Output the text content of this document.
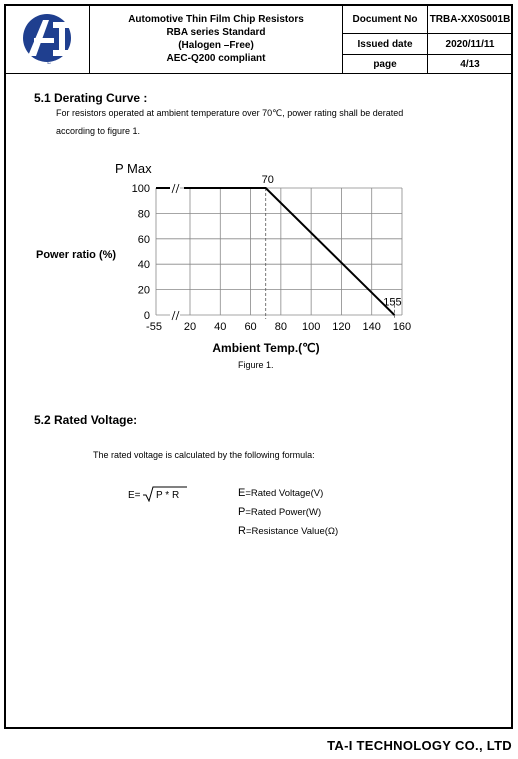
TA-I	Automotive Thin Film Chip Resistors
RBA series Standard
(Halogen –Free)
AEC-Q200 compliant	Document No	TRBA-XX0S001B
		Issued date	2020/11/11
		page	4/13
5.1 Derating Curve :
For resistors operated at ambient temperature over 70℃, power rating shall be derated
according to figure 1.
0
20
40
60
80
100
-55 20 40 60 80 100 120 140 160
70
155
P Max
Power ratio (%)
Ambient Temp.(℃)
Figure 1.
5.2 Rated Voltage:
The rated voltage is calculated by the following formula:
E= P * R	E=Rated Voltage(V)
P=Rated Power(W)
R=Resistance Value(Ω)
TA-I TECHNOLOGY CO., LTD
